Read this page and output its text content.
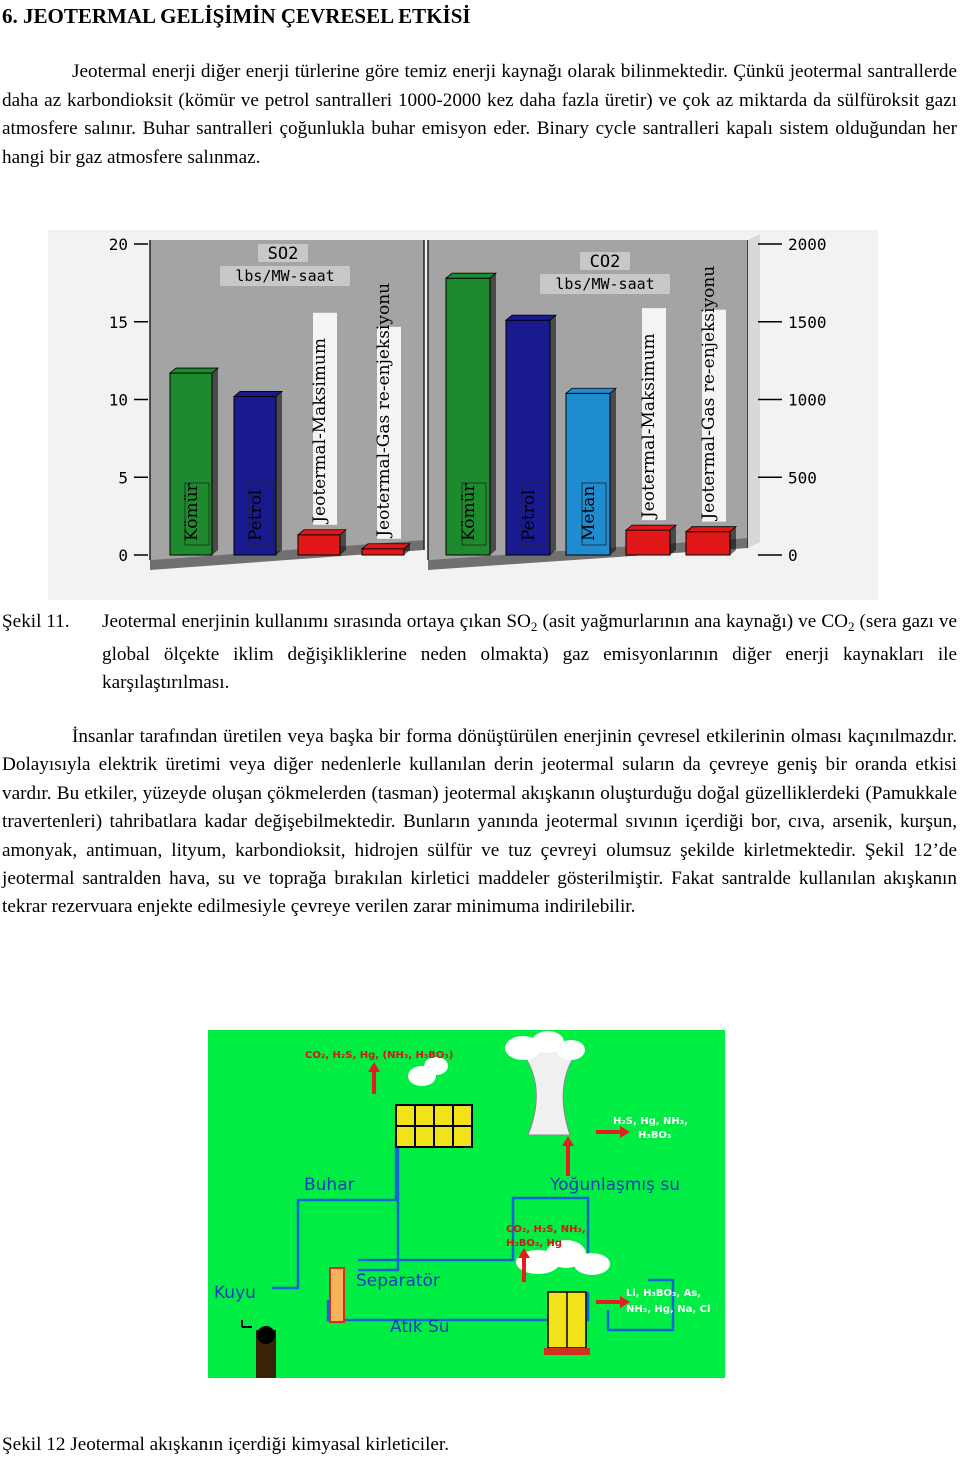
6. JEOTERMAL GELİŞİMİN ÇEVRESEL ETKİSİ

Jeotermal enerji diğer enerji türlerine göre temiz enerji kaynağı olarak bilinmektedir. Çünkü jeotermal santrallerde daha az karbondioksit (kömür ve petrol santralleri 1000-2000 kez daha fazla üretir) ve çok az miktarda da sülfüroksit gazı atmosfere salınır. Buhar santralleri çoğunlukla buhar emisyon eder. Binary cycle santralleri kapalı sistem olduğundan her hangi bir gaz atmosfere salınmaz.

20
15
10
5
0
2000
1500
1000
500
0
SO2
lbs/MW-saat
CO2
lbs/MW-saat
Kömür	Petrol	Jeotermal-Maksimum	Jeotermal-Gas re-enjeksiyonu	Kömür Petrol Metan Jeotermal-Maksimum Jeotermal-Gas re-enjeksiyonu
Şekil 11. Jeotermal enerjinin kullanımı sırasında ortaya çıkan $SO_2$ (asit yağmurlarının ana kaynağı) ve $CO_2$ (sera gazı ve global ölçekte iklim değişikliklerine neden olmakta) gaz emisyonlarının diğer enerji kaynakları ile karşılaştırılması.

İnsanlar tarafından üretilen veya başka bir forma dönüştürülen enerjinin çevresel etkilerinin olması kaçınılmazdır. Dolayısıyla elektrik üretimi veya diğer nedenlerle kullanılan derin jeotermal suların da çevreye geniş bir oranda etkisi vardır. Bu etkiler, yüzeyde oluşan çökmelerden (tasman) jeotermal akışkanın oluşturduğu doğal güzelliklerdeki (Pamukkale travertenleri) tahribatlara kadar değişebilmektedir. Bunların yanında jeotermal sıvının içerdiği bor, cıva, arsenik, kurşun, amonyak, antimuan, lityum, karbondioksit, hidrojen sülfür ve tuz çevreyi olumsuz şekilde kirletmektedir. Şekil 12’de jeotermal santralden hava, su ve toprağa bırakılan kirletici maddeler gösterilmiştir. Fakat santralde kullanılan akışkanın tekrar rezervuara enjekte edilmesiyle çevreye verilen zarar minimuma indirilebilir.

CO₂, H₂S, Hg, (NH₃, H₃BO₃)
H₂S, Hg, NH₃,
H₃BO₃
Buhar	Yoğunlaşmış su
CO₂, H₂S, NH₃,
H₃BO₃, Hg
Separatör
Kuyu
Atık Su
Li, H₃BO₃, As,
NH₃, Hg, Na, Cl
Şekil 12 Jeotermal akışkanın içerdiği kimyasal kirleticiler.
